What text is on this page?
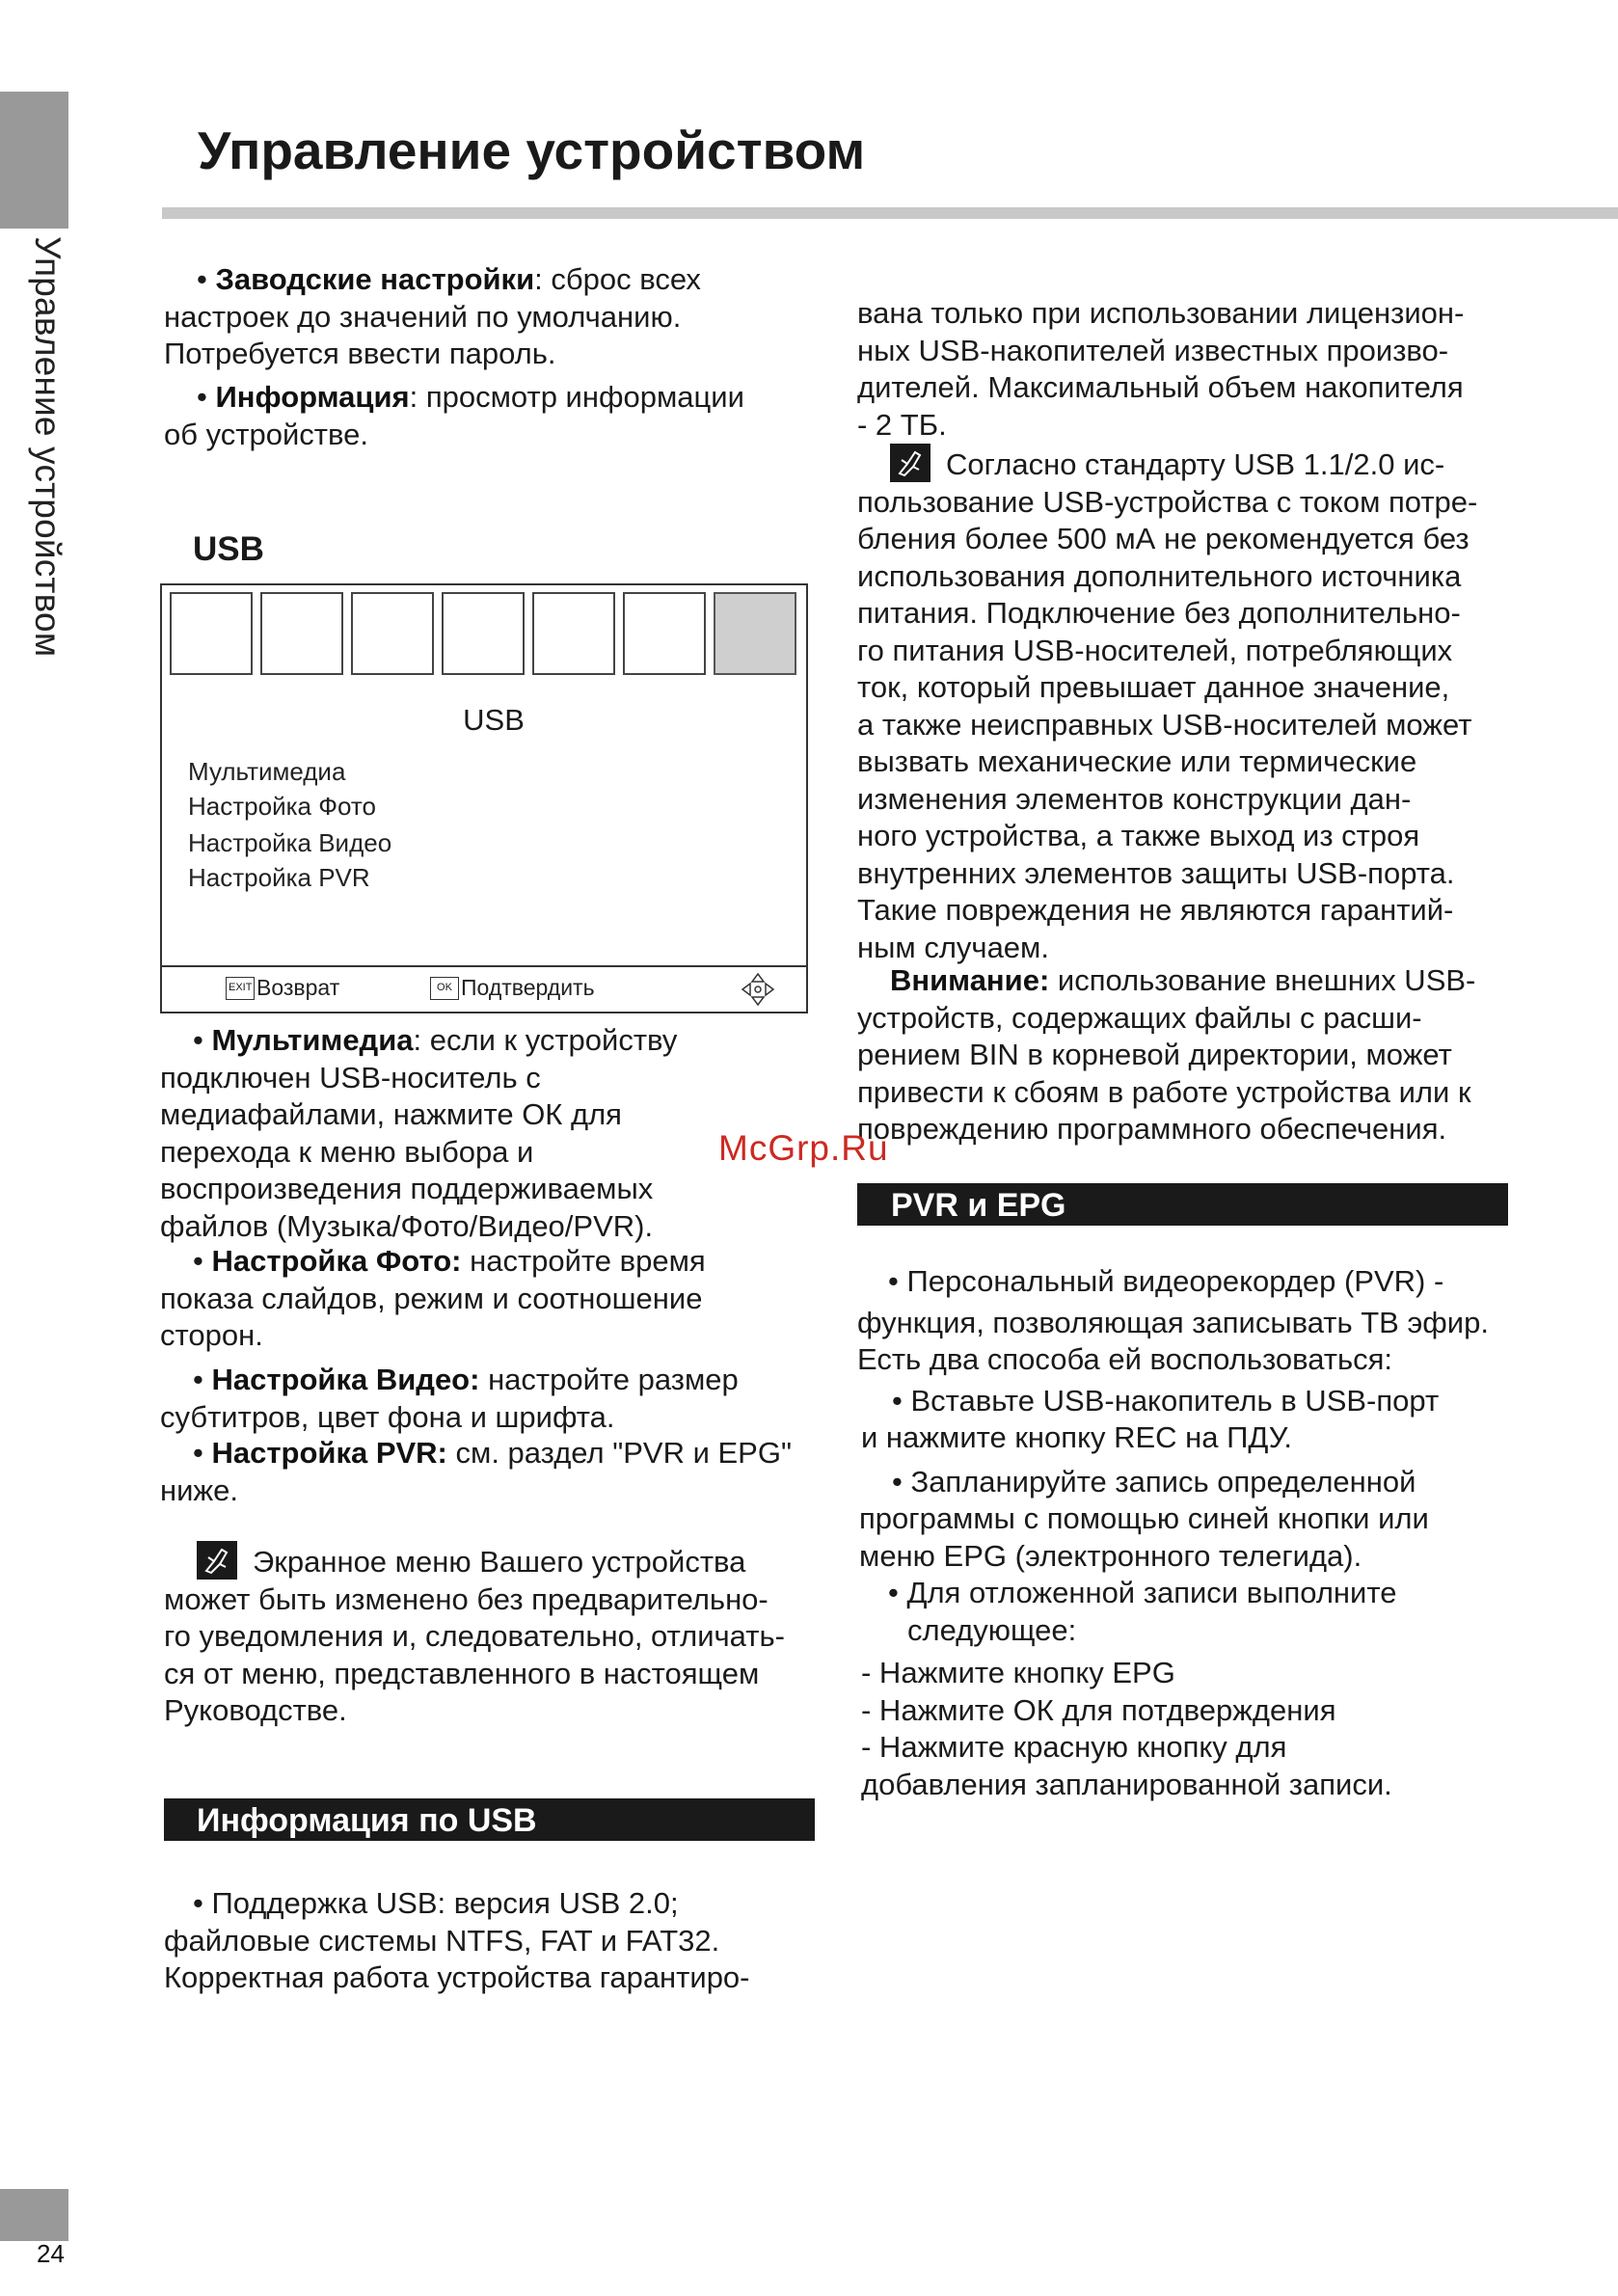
Управление устройством
24
Управление устройством

• Заводские настройки: сброс всех
настроек до значений по умолчанию.
Потребуется ввести пароль.

• Информация: просмотр информации
об устройстве.

USB
USB
Мультимедиа
Настройка Фото
Настройка Видео
Настройка PVR
EXIT Возврат	OK Подтвердить

• Мультимедиа: если к устройству
подключен USB-носитель с
медиафайлами, нажмите ОК для
перехода к меню выбора и
воспроизведения поддерживаемых
файлов (Музыка/Фото/Видео/PVR).

• Настройка Фото: настройте время
показа слайдов, режим и соотношение
сторон.

• Настройка Видео: настройте размер
субтитров, цвет фона и шрифта.

• Настройка PVR: см. раздел "PVR и EPG"
ниже.

Экранное меню Вашего устройства
может быть изменено без предварительно-
го уведомления и, следовательно, отличать-
ся от меню, представленного в настоящем
Руководстве.

Информация по USB

• Поддержка USB: версия USB 2.0;
файловые системы NTFS, FAT и FAT32.
Корректная работа устройства гарантиро-

вана только при использовании лицензион-
ных USB-накопителей известных произво-
дителей. Максимальный объем накопителя
- 2 ТБ.

Согласно стандарту USB 1.1/2.0 ис-
пользование USB-устройства с током потре-
бления более 500 мА не рекомендуется без
использования дополнительного источника
питания. Подключение без дополнительно-
го питания USB-носителей, потребляющих
ток, который превышает данное значение,
а также неисправных USB-носителей может
вызвать механические или термические
изменения элементов конструкции дан-
ного устройства, а также выход из строя
внутренних элементов защиты USB-порта.
Такие повреждения не являются гарантий-
ным случаем.

Внимание: использование внешних USB-
устройств, содержащих файлы с расши-
рением BIN в корневой директории, может
привести к сбоям в работе устройства или к
повреждению программного обеспечения.

McGrp.Ru
PVR и EPG

• Персональный видеорекордер (PVR) -

функция, позволяющая записывать ТВ эфир.

Есть два способа ей воспользоваться:

• Вставьте USB-накопитель в USB-порт

и нажмите кнопку REC на ПДУ.

• Запланируйте запись определенной

программы с помощью синей кнопки или

меню EPG (электронного телегида).

• Для отложенной записи выполните

следующее:

- Нажмите кнопку EPG

- Нажмите ОК для потдверждения

- Нажмите красную кнопку для

добавления запланированной записи.
